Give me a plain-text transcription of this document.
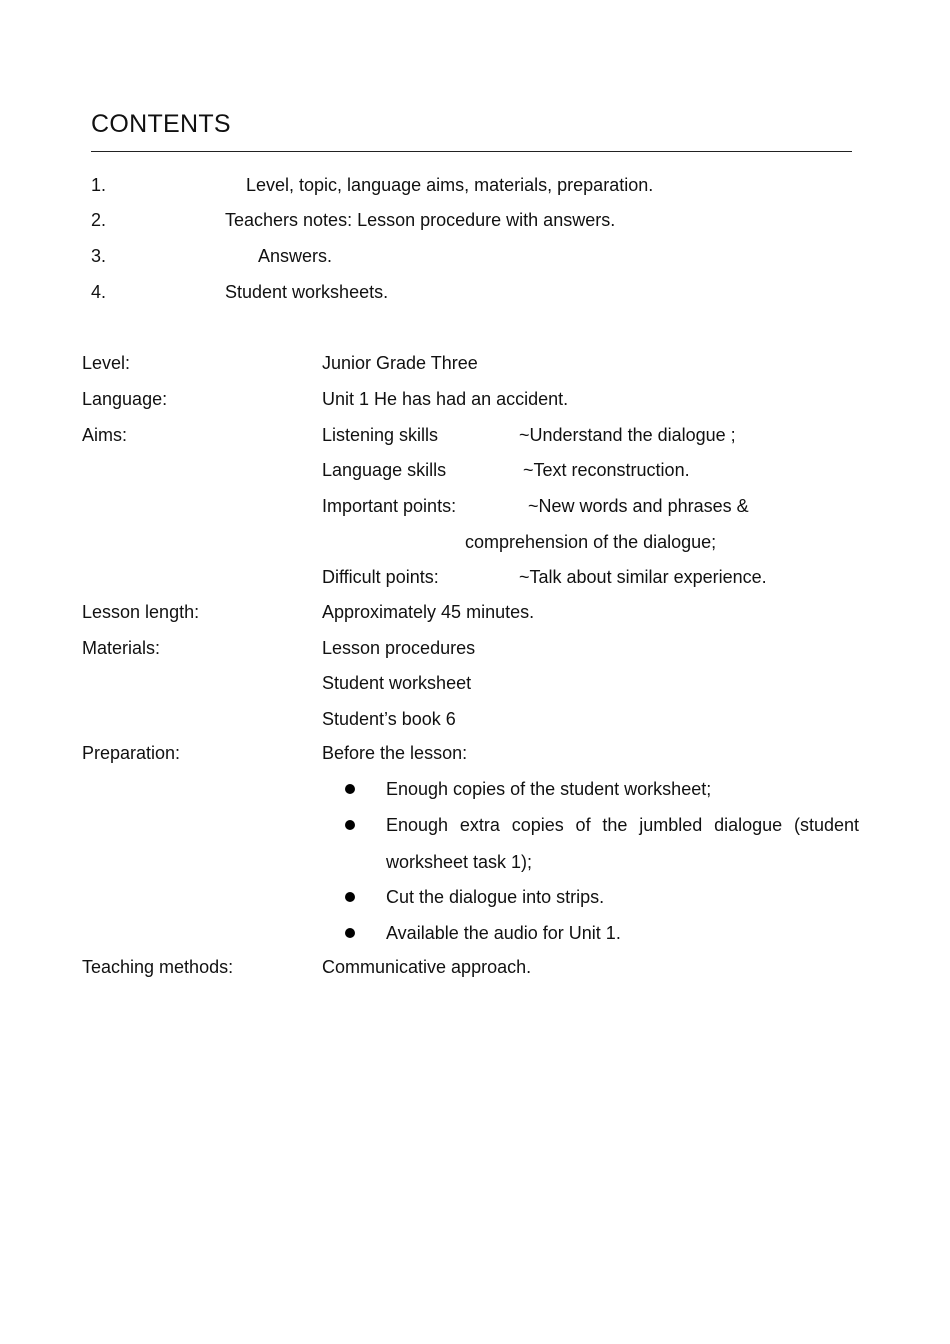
CONTENTS
1.	Level, topic, language aims, materials, preparation.
2.	Teachers notes: Lesson procedure with answers.
3.	Answers.
4.	Student worksheets.
Level:	Junior Grade Three
Language:	Unit 1 He has had an accident.
Aims:	Listening skills	~Understand the dialogue ;
Language skills	~Text reconstruction.
Important points:	~New words and phrases &
comprehension of the dialogue;
Difficult points:	~Talk about similar experience.
Lesson length:	Approximately 45 minutes.
Materials:	Lesson procedures
Student worksheet
Student’s book 6
Preparation:	Before the lesson:
Enough copies of the student worksheet;
Enough extra copies of the jumbled dialogue (student
worksheet task 1);
Cut the dialogue into strips.
Available the audio for Unit 1.
Teaching methods:	Communicative approach.
